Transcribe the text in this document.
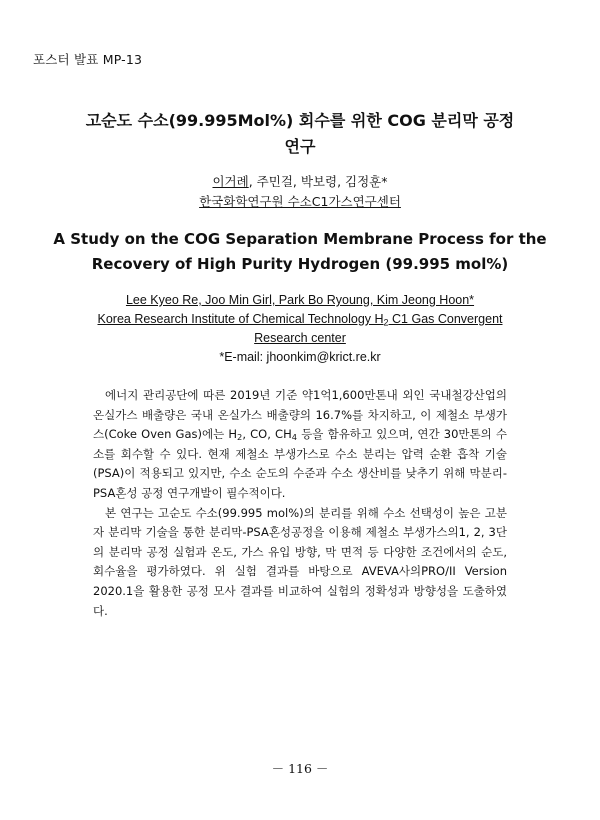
포스터 발표 MP-13
고순도 수소(99.995Mol%) 회수를 위한 COG 분리막 공정
연구
이거례, 주민걸, 박보령, 김정훈*
한국화학연구원 수소C1가스연구센터
A Study on the COG Separation Membrane Process for the
Recovery of High Purity Hydrogen (99.995 mol%)
Lee Kyeo Re, Joo Min Girl, Park Bo Ryoung, Kim Jeong Hoon*
Korea Research Institute of Chemical Technology $H_2$ C1 Gas Convergent
Research center
*E-mail: jhoonkim@krict.re.kr

에너지 관리공단에 따른 2019년 기준 약1억1,600만톤내 외인 국내철강산업의 온실가스 배출량은 국내 온실가스 배출량의 16.7%를 차지하고, 이 제철소 부생가스(Coke Oven Gas)에는 $H_2$, CO, $CH_4$ 등을 함유하고 있으며, 연간 30만톤의 수소를 회수할 수 있다. 현재 제철소 부생가스로 수소 분리는 압력 순환 흡착 기술(PSA)이 적용되고 있지만, 수소 순도의 수준과 수소 생산비를 낮추기 위해 막분리-PSA혼성 공정 연구개발이 필수적이다.

본 연구는 고순도 수소(99.995 mol%)의 분리를 위해 수소 선택성이 높은 고분자 분리막 기술을 통한 분리막-PSA혼성공정을 이용해 제철소 부생가스의1, 2, 3단의 분리막 공정 실험과 온도, 가스 유입 방향, 막 면적 등 다양한 조건에서의 순도, 회수율을 평가하였다. 위 실험 결과를 바탕으로 AVEVA사의PRO/II Version 2020.1을 활용한 공정 모사 결과를 비교하여 실험의 정확성과 방향성을 도출하였다.

－ 116 －
